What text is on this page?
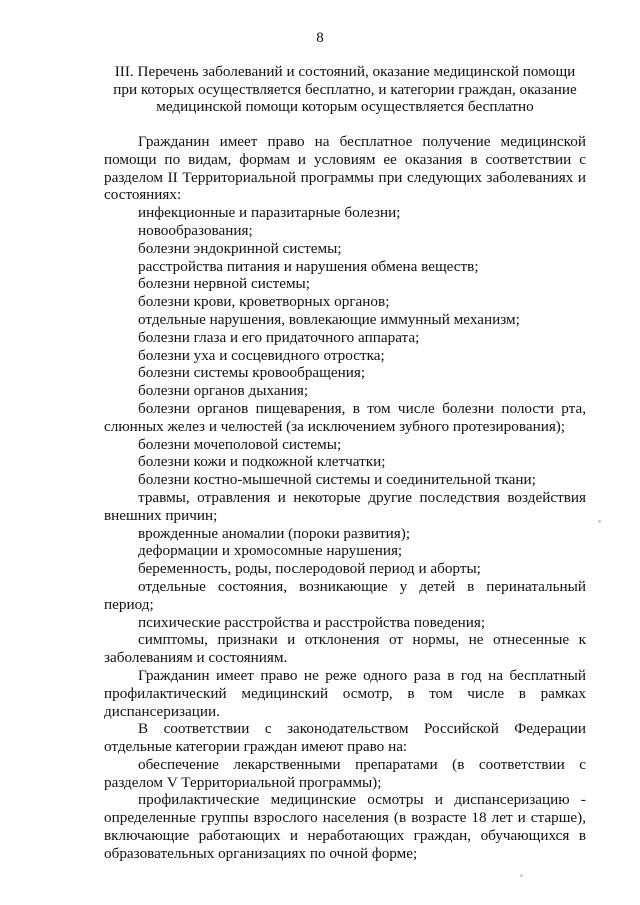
8
III. Перечень заболеваний и состояний, оказание медицинской помощи при которых осуществляется бесплатно, и категории граждан, оказание медицинской помощи которым осуществляется бесплатно

Гражданин имеет право на бесплатное получение медицинской помощи по видам, формам и условиям ее оказания в соответствии с разделом II Территориальной программы при следующих заболеваниях и состояниях:

инфекционные и паразитарные болезни;

новообразования;

болезни эндокринной системы;

расстройства питания и нарушения обмена веществ;

болезни нервной системы;

болезни крови, кроветворных органов;

отдельные нарушения, вовлекающие иммунный механизм;

болезни глаза и его придаточного аппарата;

болезни уха и сосцевидного отростка;

болезни системы кровообращения;

болезни органов дыхания;

болезни органов пищеварения, в том числе болезни полости рта, слюнных желез и челюстей (за исключением зубного протезирования);

болезни мочеполовой системы;

болезни кожи и подкожной клетчатки;

болезни костно-мышечной системы и соединительной ткани;

травмы, отравления и некоторые другие последствия воздействия внешних причин;

врожденные аномалии (пороки развития);

деформации и хромосомные нарушения;

беременность, роды, послеродовой период и аборты;

отдельные состояния, возникающие у детей в перинатальный период;

психические расстройства и расстройства поведения;

симптомы, признаки и отклонения от нормы, не отнесенные к заболеваниям и состояниям.

Гражданин имеет право не реже одного раза в год на бесплатный профилактический медицинский осмотр, в том числе в рамках диспансеризации.

В соответствии с законодательством Российской Федерации отдельные категории граждан имеют право на:

обеспечение лекарственными препаратами (в соответствии с разделом V Территориальной программы);

профилактические медицинские осмотры и диспансеризацию - определенные группы взрослого населения (в возрасте 18 лет и старше), включающие работающих и неработающих граждан, обучающихся в образовательных организациях по очной форме;
